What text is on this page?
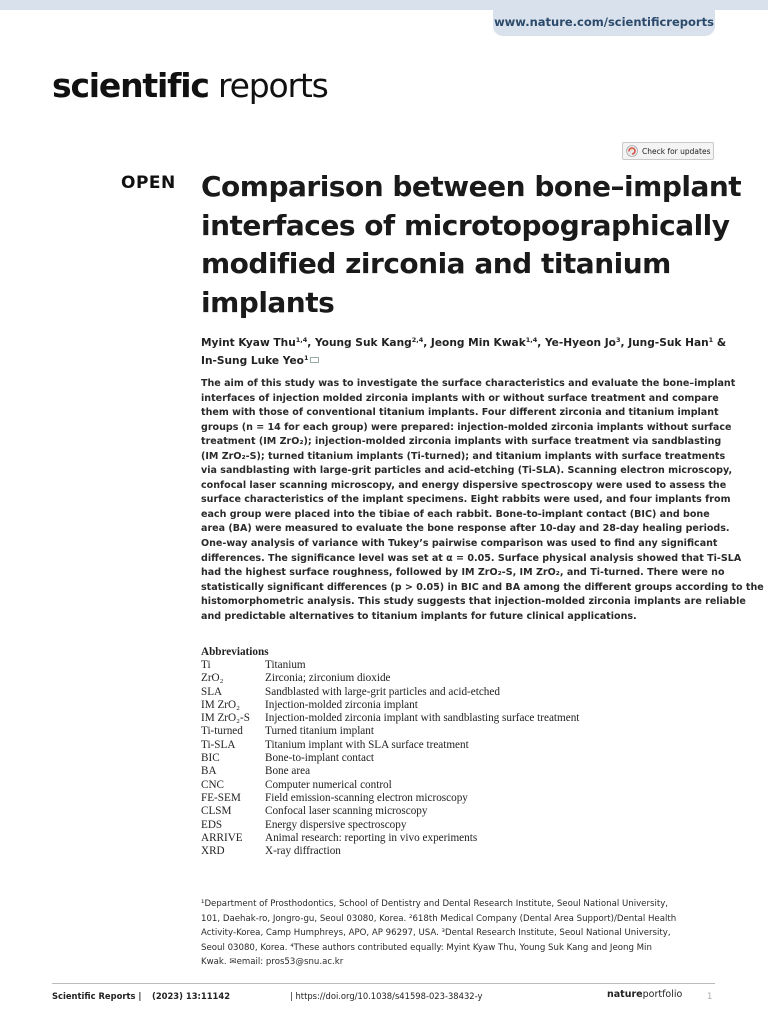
www.nature.com/scientificreports
scientific reports
Check for updates
OPEN Comparison between bone–implant
interfaces of microtopographically
modified zirconia and titanium
implants
Myint Kyaw Thu$^{1,4}$, Young Suk Kang$^{2,4}$, Jeong Min Kwak$^{1,4}$, Ye-Hyeon Jo$^3$, Jung-Suk Han$^1$ &
In-Sung Luke Yeo$^1$
The aim of this study was to investigate the surface characteristics and evaluate the bone–implant
interfaces of injection molded zirconia implants with or without surface treatment and compare
them with those of conventional titanium implants. Four different zirconia and titanium implant
groups (n = 14 for each group) were prepared: injection-molded zirconia implants without surface
treatment (IM ZrO₂); injection-molded zirconia implants with surface treatment via sandblasting
(IM ZrO₂-S); turned titanium implants (Ti-turned); and titanium implants with surface treatments
via sandblasting with large-grit particles and acid-etching (Ti-SLA). Scanning electron microscopy,
confocal laser scanning microscopy, and energy dispersive spectroscopy were used to assess the
surface characteristics of the implant specimens. Eight rabbits were used, and four implants from
each group were placed into the tibiae of each rabbit. Bone-to-implant contact (BIC) and bone
area (BA) were measured to evaluate the bone response after 10-day and 28-day healing periods.
One-way analysis of variance with Tukey’s pairwise comparison was used to find any significant
differences. The significance level was set at α = 0.05. Surface physical analysis showed that Ti-SLA
had the highest surface roughness, followed by IM ZrO₂-S, IM ZrO₂, and Ti-turned. There were no
statistically significant differences (p > 0.05) in BIC and BA among the different groups according to the
histomorphometric analysis. This study suggests that injection-molded zirconia implants are reliable
and predictable alternatives to titanium implants for future clinical applications.
Abbreviations
Ti	Titanium
ZrO₂	Zirconia; zirconium dioxide
SLA	Sandblasted with large-grit particles and acid-etched
IM ZrO₂ Injection-molded zirconia implant
IM ZrO₂-S Injection-molded zirconia implant with sandblasting surface treatment
Ti-turned Turned titanium implant
Ti-SLA	Titanium implant with SLA surface treatment
BIC	Bone-to-implant contact
BA	Bone area
CNC	Computer numerical control
FE-SEM Field emission-scanning electron microscopy
CLSM	Confocal laser scanning microscopy
EDS	Energy dispersive spectroscopy
ARRIVE Animal research: reporting in vivo experiments
XRD	X-ray diffraction
¹Department of Prosthodontics, School of Dentistry and Dental Research Institute, Seoul National University,
101, Daehak-ro, Jongro-gu, Seoul 03080, Korea. ²618th Medical Company (Dental Area Support)/Dental Health
Activity-Korea, Camp Humphreys, APO, AP 96297, USA. ³Dental Research Institute, Seoul National University,
Seoul 03080, Korea. ⁴These authors contributed equally: Myint Kyaw Thu, Young Suk Kang and Jeong Min
Kwak. ✉email: pros53@snu.ac.kr
Scientific Reports | (2023) 13:11142	| https://doi.org/10.1038/s41598-023-38432-y	natureportfolio	1
